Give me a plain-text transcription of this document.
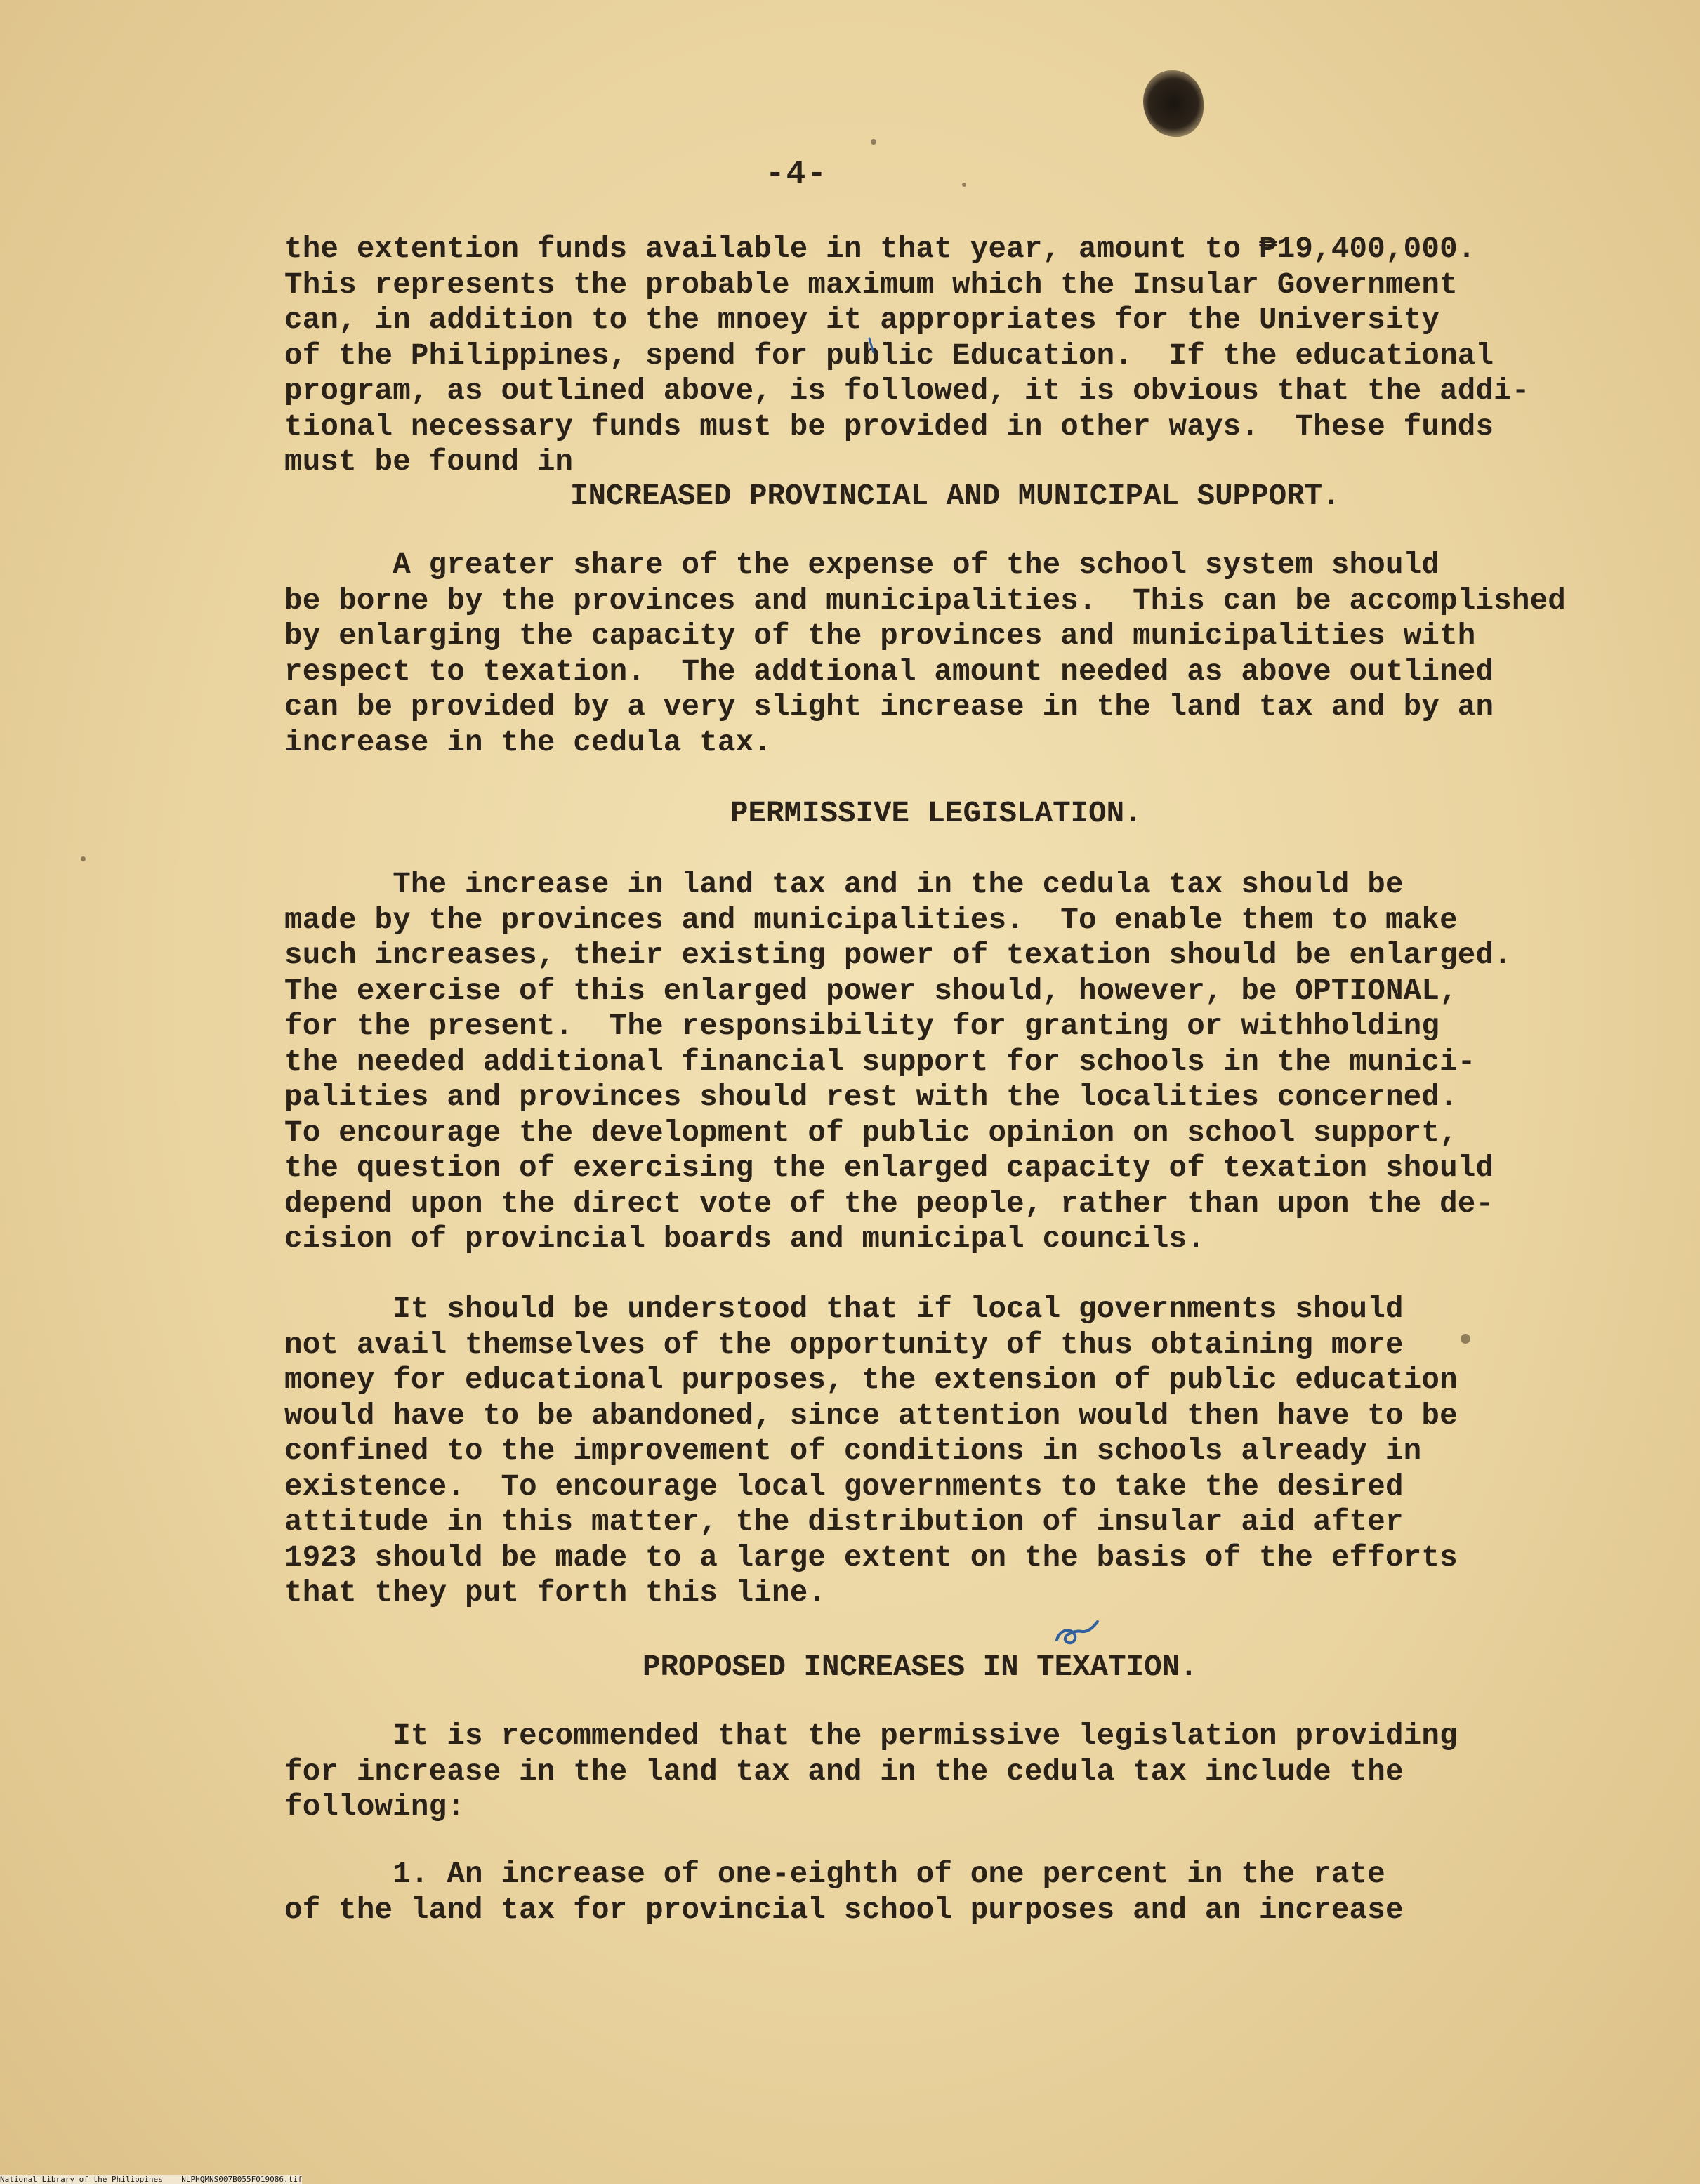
-4-
the extention funds available in that year, amount to ₱19,400,000.
This represents the probable maximum which the Insular Government
can, in addition to the mnoey it appropriates for the University
of the Philippines, spend for public Education.  If the educational
program, as outlined above, is followed, it is obvious that the addi-
tional necessary funds must be provided in other ways.  These funds
must be found in
INCREASED PROVINCIAL AND MUNICIPAL SUPPORT.
A greater share of the expense of the school system should
be borne by the provinces and municipalities.  This can be accomplished
by enlarging the capacity of the provinces and municipalities with
respect to texation.  The addtional amount needed as above outlined
can be provided by a very slight increase in the land tax and by an
increase in the cedula tax.
PERMISSIVE LEGISLATION.
The increase in land tax and in the cedula tax should be
made by the provinces and municipalities.  To enable them to make
such increases, their existing power of texation should be enlarged.
The exercise of this enlarged power should, however, be OPTIONAL,
for the present.  The responsibility for granting or withholding
the needed additional financial support for schools in the munici-
palities and provinces should rest with the localities concerned.
To encourage the development of public opinion on school support,
the question of exercising the enlarged capacity of texation should
depend upon the direct vote of the people, rather than upon the de-
cision of provincial boards and municipal councils.
It should be understood that if local governments should
not avail themselves of the opportunity of thus obtaining more
money for educational purposes, the extension of public education
would have to be abandoned, since attention would then have to be
confined to the improvement of conditions in schools already in
existence.  To encourage local governments to take the desired
attitude in this matter, the distribution of insular aid after
1923 should be made to a large extent on the basis of the efforts
that they put forth this line.
PROPOSED INCREASES IN TEXATION.
It is recommended that the permissive legislation providing
for increase in the land tax and in the cedula tax include the
following:
1. An increase of one-eighth of one percent in the rate
of the land tax for provincial school purposes and an increase
National Library of the Philippines    NLPHQMNS007B055F019086.tif
